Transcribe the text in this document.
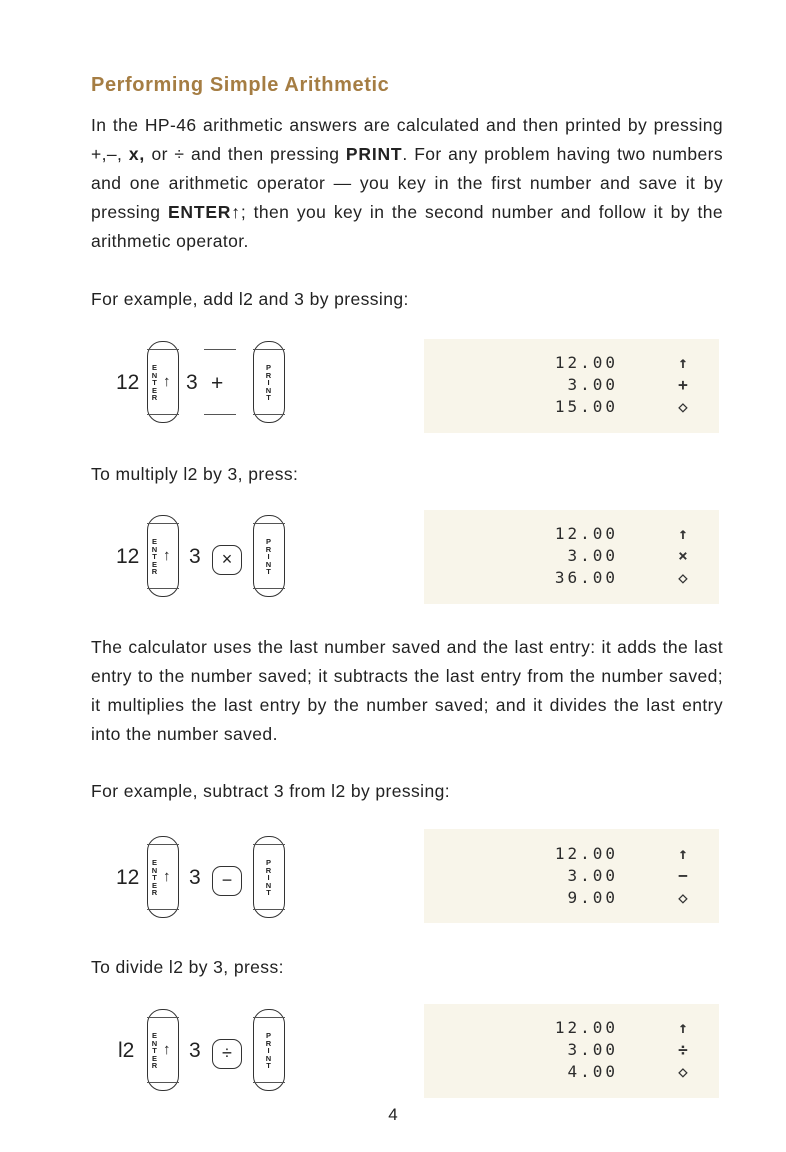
Performing Simple Arithmetic

In the HP-46 arithmetic answers are calculated and then printed by pressing +,–, x, or ÷ and then pressing PRINT. For any problem having two numbers and one arithmetic operator — you key in the first number and save it by pressing ENTER↑; then you key in the second number and follow it by the arithmetic operator.

For example, add l2 and 3 by pressing:

12
E
N
T
E
R
↑ 3 +
P
R
I
N
T
12.00	↑
3.00	+
15.00	◇

To multiply l2 by 3, press:

12
E
N
T
E
R
↑ 3	×
P
R
I
N
T
12.00	↑
3.00	×
36.00	◇

The calculator uses the last number saved and the last entry: it adds the last entry to the number saved; it subtracts the last entry from the number saved; it multiplies the last entry by the number saved; and it divides the last entry into the number saved.

For example, subtract 3 from l2 by pressing:

12
E
N
T
E
R
↑ 3	−
P
R
I
N
T
12.00	↑
3.00	−
9.00	◇

To divide l2 by 3, press:

l2
E
N
T
E
R
↑ 3	÷
P
R
I
N
T
12.00	↑
3.00	÷
4.00	◇
4
